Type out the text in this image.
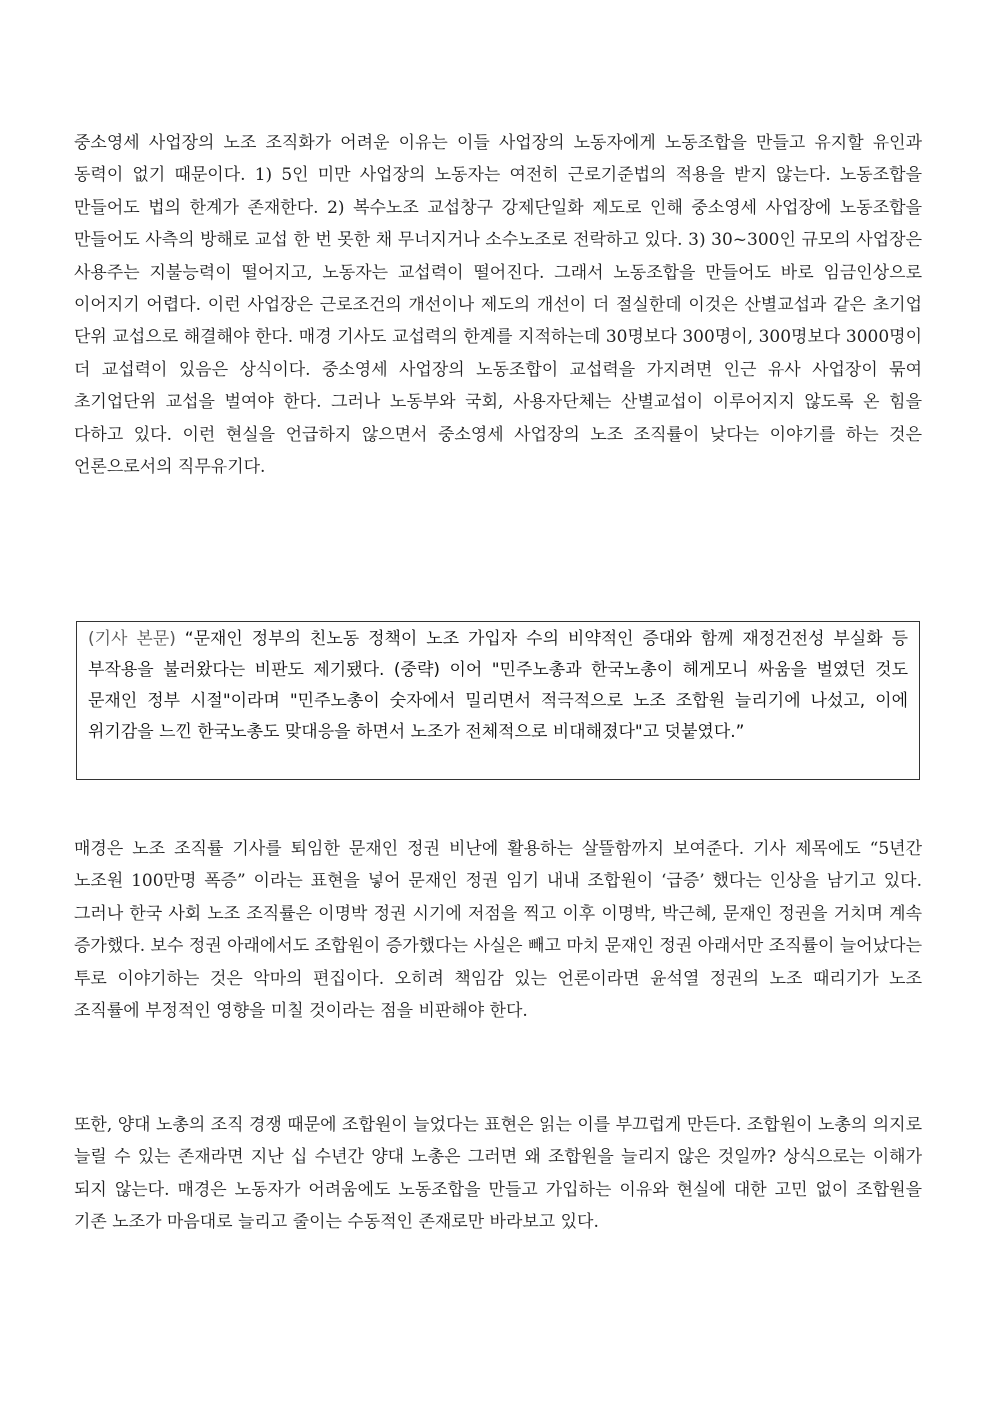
중소영세 사업장의 노조 조직화가 어려운 이유는 이들 사업장의 노동자에게 노동조합을 만들고 유지할 유인과 동력이 없기 때문이다. 1) 5인 미만 사업장의 노동자는 여전히 근로기준법의 적용을 받지 않는다. 노동조합을 만들어도 법의 한계가 존재한다. 2) 복수노조 교섭창구 강제단일화 제도로 인해 중소영세 사업장에 노동조합을 만들어도 사측의 방해로 교섭 한 번 못한 채 무너지거나 소수노조로 전락하고 있다. 3) 30~300인 규모의 사업장은 사용주는 지불능력이 떨어지고, 노동자는 교섭력이 떨어진다. 그래서 노동조합을 만들어도 바로 임금인상으로 이어지기 어렵다. 이런 사업장은 근로조건의 개선이나 제도의 개선이 더 절실한데 이것은 산별교섭과 같은 초기업 단위 교섭으로 해결해야 한다. 매경 기사도 교섭력의 한계를 지적하는데 30명보다 300명이, 300명보다 3000명이 더 교섭력이 있음은 상식이다. 중소영세 사업장의 노동조합이 교섭력을 가지려면 인근 유사 사업장이 묶여 초기업단위 교섭을 벌여야 한다. 그러나 노동부와 국회, 사용자단체는 산별교섭이 이루어지지 않도록 온 힘을 다하고 있다. 이런 현실을 언급하지 않으면서 중소영세 사업장의 노조 조직률이 낮다는 이야기를 하는 것은 언론으로서의 직무유기다.

(기사 본문) “문재인 정부의 친노동 정책이 노조 가입자 수의 비약적인 증대와 함께 재정건전성 부실화 등 부작용을 불러왔다는 비판도 제기됐다. (중략) 이어 "민주노총과 한국노총이 헤게모니 싸움을 벌였던 것도 문재인 정부 시절"이라며 "민주노총이 숫자에서 밀리면서 적극적으로 노조 조합원 늘리기에 나섰고, 이에 위기감을 느낀 한국노총도 맞대응을 하면서 노조가 전체적으로 비대해졌다"고 덧붙였다.”

매경은 노조 조직률 기사를 퇴임한 문재인 정권 비난에 활용하는 살뜰함까지 보여준다. 기사 제목에도 “5년간 노조원 100만명 폭증” 이라는 표현을 넣어 문재인 정권 임기 내내 조합원이 ‘급증’ 했다는 인상을 남기고 있다. 그러나 한국 사회 노조 조직률은 이명박 정권 시기에 저점을 찍고 이후 이명박, 박근혜, 문재인 정권을 거치며 계속 증가했다. 보수 정권 아래에서도 조합원이 증가했다는 사실은 빼고 마치 문재인 정권 아래서만 조직률이 늘어났다는 투로 이야기하는 것은 악마의 편집이다. 오히려 책임감 있는 언론이라면 윤석열 정권의 노조 때리기가 노조 조직률에 부정적인 영향을 미칠 것이라는 점을 비판해야 한다.

또한, 양대 노총의 조직 경쟁 때문에 조합원이 늘었다는 표현은 읽는 이를 부끄럽게 만든다. 조합원이 노총의 의지로 늘릴 수 있는 존재라면 지난 십 수년간 양대 노총은 그러면 왜 조합원을 늘리지 않은 것일까? 상식으로는 이해가 되지 않는다. 매경은 노동자가 어려움에도 노동조합을 만들고 가입하는 이유와 현실에 대한 고민 없이 조합원을 기존 노조가 마음대로 늘리고 줄이는 수동적인 존재로만 바라보고 있다.
